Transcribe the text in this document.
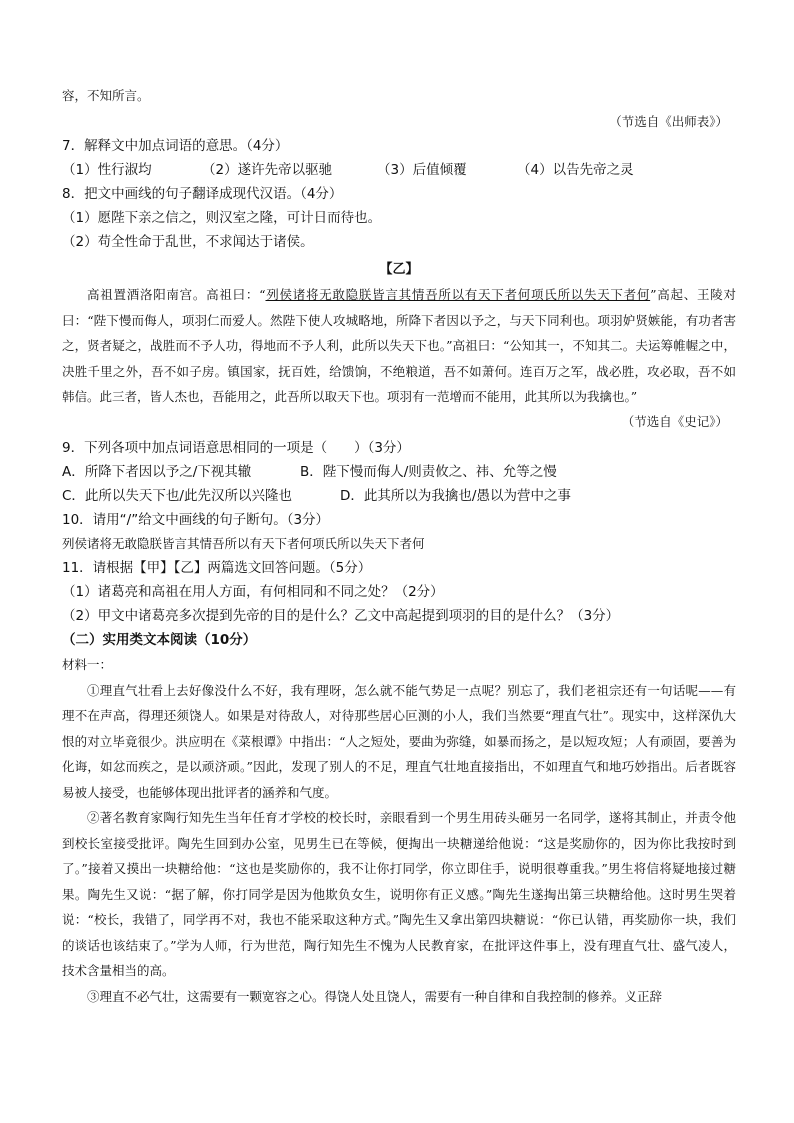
容，不知所言。
（节选自《出师表》）
7．解释文中加点词语的意思。（4分）
（1）性行淑均	（2）遂许先帝以驱驰	（3）后值倾覆	（4）以告先帝之灵
8．把文中画线的句子翻译成现代汉语。（4分）
（1）愿陛下亲之信之，则汉室之隆，可计日而待也。
（2）苟全性命于乱世，不求闻达于诸侯。
【乙】

高祖置酒洛阳南宫。高祖曰：“列侯诸将无敢隐朕皆言其情吾所以有天下者何项氏所以失天下者何”高起、王陵对曰：“陛下慢而侮人，项羽仁而爱人。然陛下使人攻城略地，所降下者因以予之，与天下同利也。项羽妒贤嫉能，有功者害之，贤者疑之，战胜而不予人功，得地而不予人利，此所以失天下也。”高祖曰：“公知其一，不知其二。夫运筹帷幄之中，决胜千里之外，吾不如子房。镇国家，抚百姓，给馈饷，不绝粮道，吾不如萧何。连百万之军，战必胜，攻必取，吾不如韩信。此三者，皆人杰也，吾能用之，此吾所以取天下也。项羽有一范增而不能用，此其所以为我擒也。”

（节选自《史记》）
9．下列各项中加点词语意思相同的一项是（　　）（3分）
A．所降下者因以予之/下视其辙	B．陛下慢而侮人/则责攸之、祎、允等之慢
C．此所以失天下也/此先汉所以兴隆也	D．此其所以为我擒也/愚以为营中之事
10．请用“/”给文中画线的句子断句。（3分）
列侯诸将无敢隐朕皆言其情吾所以有天下者何项氏所以失天下者何
11．请根据【甲】【乙】两篇选文回答问题。（5分）
（1）诸葛亮和高祖在用人方面，有何相同和不同之处？（2分）
（2）甲文中诸葛亮多次提到先帝的目的是什么？乙文中高起提到项羽的目的是什么？（3分）
（二）实用类文本阅读（10分）
材料一：

①理直气壮看上去好像没什么不好，我有理呀，怎么就不能气势足一点呢？别忘了，我们老祖宗还有一句话呢——有理不在声高，得理还须饶人。如果是对待敌人，对待那些居心叵测的小人，我们当然要“理直气壮”。现实中，这样深仇大恨的对立毕竟很少。洪应明在《菜根谭》中指出：“人之短处，要曲为弥缝，如暴而扬之，是以短攻短；人有顽固，要善为化诲，如忿而疾之，是以顽济顽。”因此，发现了别人的不足，理直气壮地直接指出，不如理直气和地巧妙指出。后者既容易被人接受，也能够体现出批评者的涵养和气度。

②著名教育家陶行知先生当年任育才学校的校长时，亲眼看到一个男生用砖头砸另一名同学，遂将其制止，并责令他到校长室接受批评。陶先生回到办公室，见男生已在等候，便掏出一块糖递给他说：“这是奖励你的，因为你比我按时到了。”接着又摸出一块糖给他：“这也是奖励你的，我不让你打同学，你立即住手，说明很尊重我。”男生将信将疑地接过糖果。陶先生又说：“据了解，你打同学是因为他欺负女生，说明你有正义感。”陶先生遂掏出第三块糖给他。这时男生哭着说：“校长，我错了，同学再不对，我也不能采取这种方式。”陶先生又拿出第四块糖说：“你已认错，再奖励你一块，我们的谈话也该结束了。”学为人师，行为世范，陶行知先生不愧为人民教育家，在批评这件事上，没有理直气壮、盛气凌人，技术含量相当的高。

③理直不必气壮，这需要有一颗宽容之心。得饶人处且饶人，需要有一种自律和自我控制的修养。义正辞
